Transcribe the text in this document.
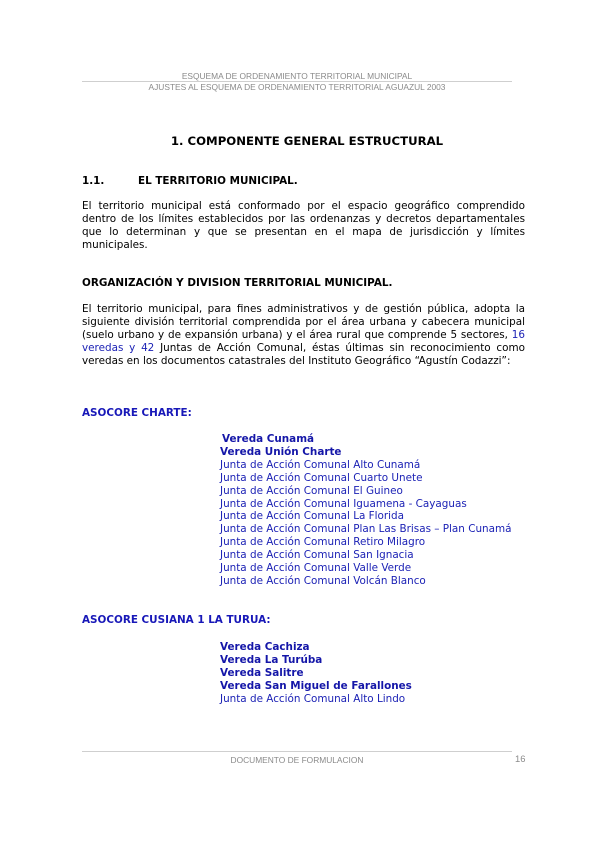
ESQUEMA DE ORDENAMIENTO TERRITORIAL MUNICIPAL
AJUSTES AL ESQUEMA DE ORDENAMIENTO TERRITORIAL AGUAZUL 2003
1. COMPONENTE GENERAL ESTRUCTURAL
1.1.	EL TERRITORIO MUNICIPAL.

El territorio municipal está conformado por el espacio geográfico comprendido dentro de los límites establecidos por las ordenanzas y decretos departamentales que lo determinan y que se presentan en el mapa de jurisdicción y límites municipales.

ORGANIZACIÓN Y DIVISION TERRITORIAL MUNICIPAL.

El territorio municipal, para fines administrativos y de gestión pública, adopta la siguiente división territorial comprendida por el área urbana y cabecera municipal (suelo urbano y de expansión urbana) y el área rural que comprende 5 sectores, 16 veredas y 42 Juntas de Acción Comunal, éstas últimas sin reconocimiento como veredas en los documentos catastrales del Instituto Geográfico “Agustín Codazzi”:

ASOCORE CHARTE:
Vereda Cunamá
Vereda Unión Charte
Junta de Acción Comunal Alto Cunamá
Junta de Acción Comunal Cuarto Unete
Junta de Acción Comunal El Guineo
Junta de Acción Comunal Iguamena - Cayaguas
Junta de Acción Comunal La Florida
Junta de Acción Comunal Plan Las Brisas – Plan Cunamá
Junta de Acción Comunal Retiro Milagro
Junta de Acción Comunal San Ignacia
Junta de Acción Comunal Valle Verde
Junta de Acción Comunal Volcán Blanco
ASOCORE CUSIANA 1 LA TURUA:
Vereda Cachiza
Vereda La Turúba
Vereda Salitre
Vereda San Miguel de Farallones
Junta de Acción Comunal Alto Lindo
DOCUMENTO DE FORMULACION	16
